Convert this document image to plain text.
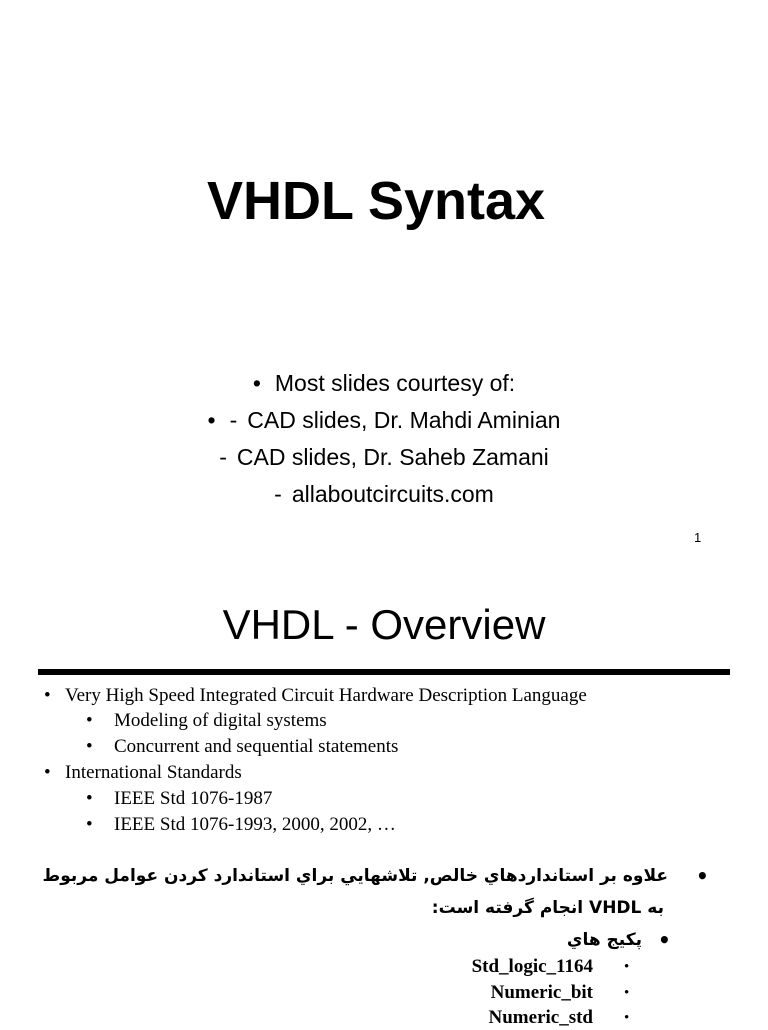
VHDL Syntax
• Most slides courtesy of:
• - CAD slides, Dr. Mahdi Aminian
- CAD slides, Dr. Saheb Zamani
- allaboutcircuits.com
1
VHDL - Overview
• Very High Speed Integrated Circuit Hardware Description Language
• Modeling of digital systems
• Concurrent and sequential statements
• International Standards
• IEEE Std 1076-1987
• IEEE Std 1076-1993, 2000, 2002, …
•
علاوه بر استانداردهاي خالص, تلاشهايي براي استاندارد كردن عوامل مربوط
به VHDL انجام گرفته است:
•
پكيج هاي
Std_logic_1164 •
Numeric_bit •
Numeric_std •
